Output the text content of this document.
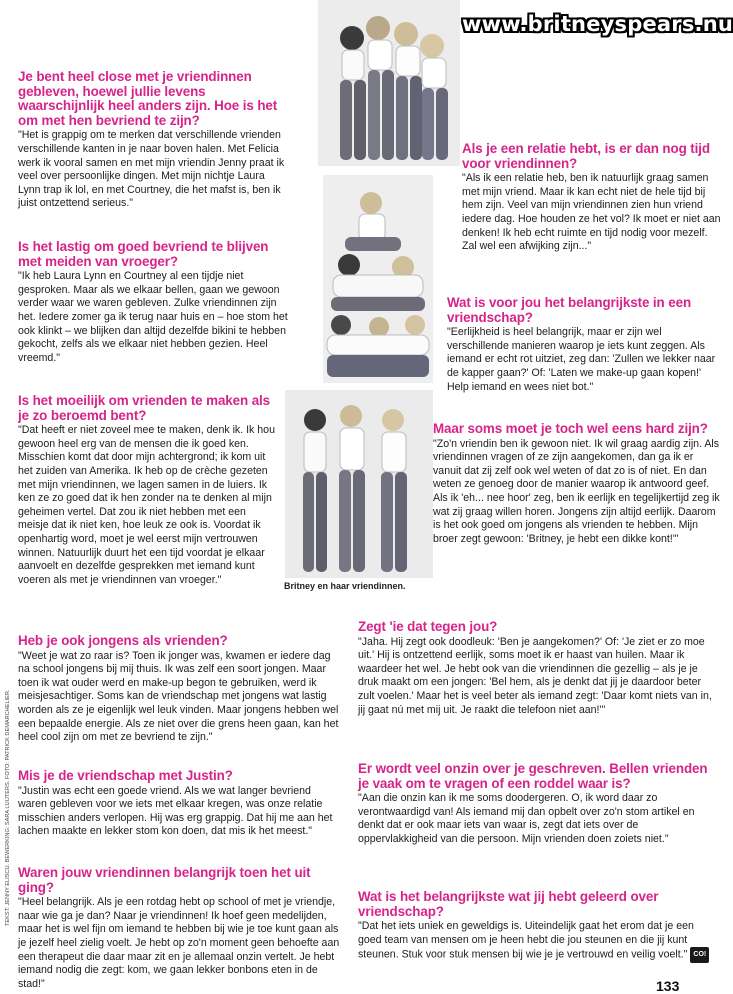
www.britneyspears.nu
Britney en haar vriendinnen.
Je bent heel close met je vriendinnen gebleven, hoewel jullie levens waarschijnlijk heel anders zijn. Hoe is het om met hen bevriend te zijn?
"Het is grappig om te merken dat verschillende vrienden verschillende kanten in je naar boven halen. Met Felicia werk ik vooral samen en met mijn vriendin Jenny praat ik veel over persoonlijke dingen. Met mijn nichtje Laura Lynn trap ik lol, en met Courtney, die het mafst is, ben ik juist ontzettend serieus."
Is het lastig om goed bevriend te blijven met meiden van vroeger?
"Ik heb Laura Lynn en Courtney al een tijdje niet gesproken. Maar als we elkaar bellen, gaan we gewoon verder waar we waren gebleven. Zulke vriendinnen zijn het. Iedere zomer ga ik terug naar huis en – hoe stom het ook klinkt – we blijken dan altijd dezelfde bikini te hebben gekocht, zelfs als we elkaar niet hebben gezien. Heel vreemd."
Is het moeilijk om vrienden te maken als je zo beroemd bent?
"Dat heeft er niet zoveel mee te maken, denk ik. Ik hou gewoon heel erg van de mensen die ik goed ken. Misschien komt dat door mijn achtergrond; ik kom uit het zuiden van Amerika. Ik heb op de crèche gezeten met mijn vriendinnen, we lagen samen in de luiers. Ik ken ze zo goed dat ik hen zonder na te denken al mijn geheimen vertel. Dat zou ik niet hebben met een meisje dat ik niet ken, hoe leuk ze ook is. Voordat ik openhartig word, moet je wel eerst mijn vertrouwen winnen. Natuurlijk duurt het een tijd voordat je elkaar aanvoelt en dezelfde gesprekken met iemand kunt voeren als met je vriendinnen van vroeger."
Heb je ook jongens als vrienden?
"Weet je wat zo raar is? Toen ik jonger was, kwamen er iedere dag na school jongens bij mij thuis. Ik was zelf een soort jongen. Maar toen ik wat ouder werd en make-up begon te gebruiken, werd ik meisjesachtiger. Soms kan de vriendschap met jongens wat lastig worden als ze je eigenlijk wel leuk vinden. Maar jongens hebben wel een bepaalde energie. Als ze niet over die grens heen gaan, kan het heel cool zijn om met ze bevriend te zijn."
Mis je de vriendschap met Justin?
"Justin was echt een goede vriend. Als we wat langer bevriend waren gebleven voor we iets met elkaar kregen, was onze relatie misschien anders verlopen. Hij was erg grappig. Dat hij me aan het lachen maakte en lekker stom kon doen, dat mis ik het meest."
Waren jouw vriendinnen belangrijk toen het uit ging?
"Heel belangrijk. Als je een rotdag hebt op school of met je vriendje, naar wie ga je dan? Naar je vriendinnen! Ik hoef geen medelijden, maar het is wel fijn om iemand te hebben bij wie je toe kunt gaan als je jezelf heel zielig voelt. Je hebt op zo'n moment geen behoefte aan een therapeut die daar maar zit en je allemaal onzin vertelt. Je hebt iemand nodig die zegt: kom, we gaan lekker bonbons eten in de stad!"
Als je een relatie hebt, is er dan nog tijd voor vriendinnen?
"Als ik een relatie heb, ben ik natuurlijk graag samen met mijn vriend. Maar ik kan echt niet de hele tijd bij hem zijn. Veel van mijn vriendinnen zien hun vriend iedere dag. Hoe houden ze het vol? Ik moet er niet aan denken! Ik heb echt ruimte en tijd nodig voor mezelf. Zal wel een afwijking zijn..."
Wat is voor jou het belangrijkste in een vriendschap?
"Eerlijkheid is heel belangrijk, maar er zijn wel verschillende manieren waarop je iets kunt zeggen. Als iemand er echt rot uitziet, zeg dan: 'Zullen we lekker naar de kapper gaan?' Of: 'Laten we make-up gaan kopen!' Help iemand en wees niet bot."
Maar soms moet je toch wel eens hard zijn?
"Zo'n vriendin ben ik gewoon niet. Ik wil graag aardig zijn. Als vriendinnen vragen of ze zijn aangekomen, dan ga ik er vanuit dat zij zelf ook wel weten of dat zo is of niet. En dan weten ze genoeg door de manier waarop ik antwoord geef. Als ik 'eh... nee hoor' zeg, ben ik eerlijk en tegelijkertijd zeg ik wat zij graag willen horen. Jongens zijn altijd eerlijk. Daarom is het ook goed om jongens als vrienden te hebben. Mijn broer zegt gewoon: 'Britney, je hebt een dikke kont!'"
Zegt 'ie dat tegen jou?
"Jaha. Hij zegt ook doodleuk: 'Ben je aangekomen?' Of: 'Je ziet er zo moe uit.' Hij is ontzettend eerlijk, soms moet ik er haast van huilen. Maar ik waardeer het wel. Je hebt ook van die vriendinnen die gezellig – als je je druk maakt om een jongen: 'Bel hem, als je denkt dat jij je daardoor beter zult voelen.' Maar het is veel beter als iemand zegt: 'Daar komt niets van in, jij gaat nú met mij uit. Je raakt die telefoon niet aan!'"
Er wordt veel onzin over je geschreven. Bellen vrienden je vaak om te vragen of een roddel waar is?
"Aan die onzin kan ik me soms doodergeren. O, ik word daar zo verontwaardigd van! Als iemand mij dan opbelt over zo'n stom artikel en denkt dat er ook maar iets van waar is, zegt dat iets over de oppervlakkigheid van die persoon. Mijn vrienden doen zoiets niet."
Wat is het belangrijkste wat jij hebt geleerd over vriendschap?
"Dat het iets uniek en geweldigs is. Uiteindelijk gaat het erom dat je een goed team van mensen om je heen hebt die jou steunen en die jij kunt steunen. Stuk voor stuk mensen bij wie je je vertrouwd en veilig voelt." CO!
TEKST: JENNY ELISCU. BEWERKING: SARA LUIJTERS. FOTO: PATRICK DEMARCHELIER.
133
